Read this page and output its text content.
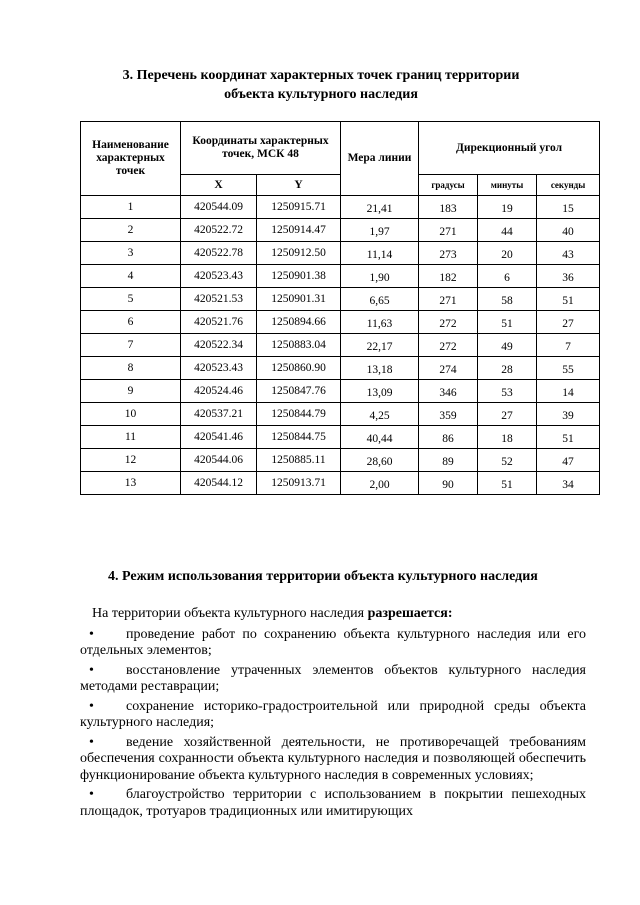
3. Перечень координат характерных точек границ территории
объекта культурного наследия
Наименование характерных точек	Координаты характерных точек, МСК 48		Мера линии	Дирекционный угол		
	X	Y		градусы	минуты	секунды
1	420544.09	1250915.71	21,41	183	19	15
2	420522.72	1250914.47	1,97	271	44	40
3	420522.78	1250912.50	11,14	273	20	43
4	420523.43	1250901.38	1,90	182	6	36
5	420521.53	1250901.31	6,65	271	58	51
6	420521.76	1250894.66	11,63	272	51	27
7	420522.34	1250883.04	22,17	272	49	7
8	420523.43	1250860.90	13,18	274	28	55
9	420524.46	1250847.76	13,09	346	53	14
10	420537.21	1250844.79	4,25	359	27	39
11	420541.46	1250844.75	40,44	86	18	51
12	420544.06	1250885.11	28,60	89	52	47
13	420544.12	1250913.71	2,00	90	51	34
4. Режим использования территории объекта культурного наследия

На территории объекта культурного наследия разрешается:

• проведение работ по сохранению объекта культурного наследия или его отдельных элементов;
• восстановление утраченных элементов объектов культурного наследия методами реставрации;
• сохранение историко-градостроительной или природной среды объекта культурного наследия;
• ведение хозяйственной деятельности, не противоречащей требованиям обеспечения сохранности объекта культурного наследия и позволяющей обеспечить функционирование объекта культурного наследия в современных условиях;
• благоустройство территории с использованием в покрытии пешеходных площадок, тротуаров традиционных или имитирующих
